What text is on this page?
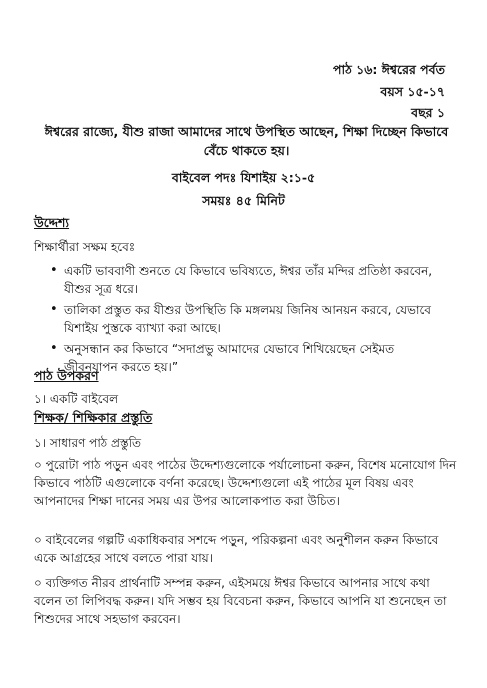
পাঠ ১৬: ঈশ্বরের পর্বত
বয়স ১৫-১৭
বছর ১
ঈশ্বরের রাজ্যে, যীশু রাজা আমাদের সাথে উপস্থিত আছেন, শিক্ষা দিচ্ছেন কিভাবে বেঁচে থাকতে হয়।
বাইবেল পদঃ যিশাইয় ২:১-৫
সময়ঃ ৪৫ মিনিট
উদ্দেশ্য
শিক্ষার্থীরা সক্ষম হবেঃ
• একটি ভাববাণী শুনতে যে কিভাবে ভবিষ্যতে, ঈশ্বর তাঁর মন্দির প্রতিষ্ঠা করবেন, যীশুর সূত্র ধরে।
• তালিকা প্রস্তুত কর যীশুর উপস্থিতি কি মঙ্গলময় জিনিষ আনয়ন করবে, যেভাবে যিশাইয় পুস্তকে ব্যাখ্যা করা আছে।
• অনুসন্ধান কর কিভাবে “সদাপ্রভু আমাদের যেভাবে শিখিয়েছেন সেইমত জীবনযাপন করতে হয়।”
পাঠ উপকরণ
১। একটি বাইবেল
শিক্ষক/ শিক্ষিকার প্রস্তুতি
১। সাধারণ পাঠ প্রস্তুতি
০ পুরোটা পাঠ পড়ুন এবং পাঠের উদ্দেশ্যগুলোকে পর্যালোচনা করুন, বিশেষ মনোযোগ দিন কিভাবে পাঠটি এগুলোকে বর্ণনা করেছে। উদ্দেশ্যগুলো এই পাঠের মূল বিষয় এবং আপনাদের শিক্ষা দানের সময় এর উপর আলোকপাত করা উচিত।
০ বাইবেলের গল্পটি একাধিকবার সশব্দে পড়ুন, পরিকল্পনা এবং অনুশীলন করুন কিভাবে একে আগ্রহের সাথে বলতে পারা যায়।
০ ব্যক্তিগত নীরব প্রার্থনাটি সম্পন্ন করুন, এইসময়ে ঈশ্বর কিভাবে আপনার সাথে কথা বলেন তা লিপিবদ্ধ করুন। যদি সম্ভব হয় বিবেচনা করুন, কিভাবে আপনি যা শুনেছেন তা শিশুদের সাথে সহভাগ করবেন।
